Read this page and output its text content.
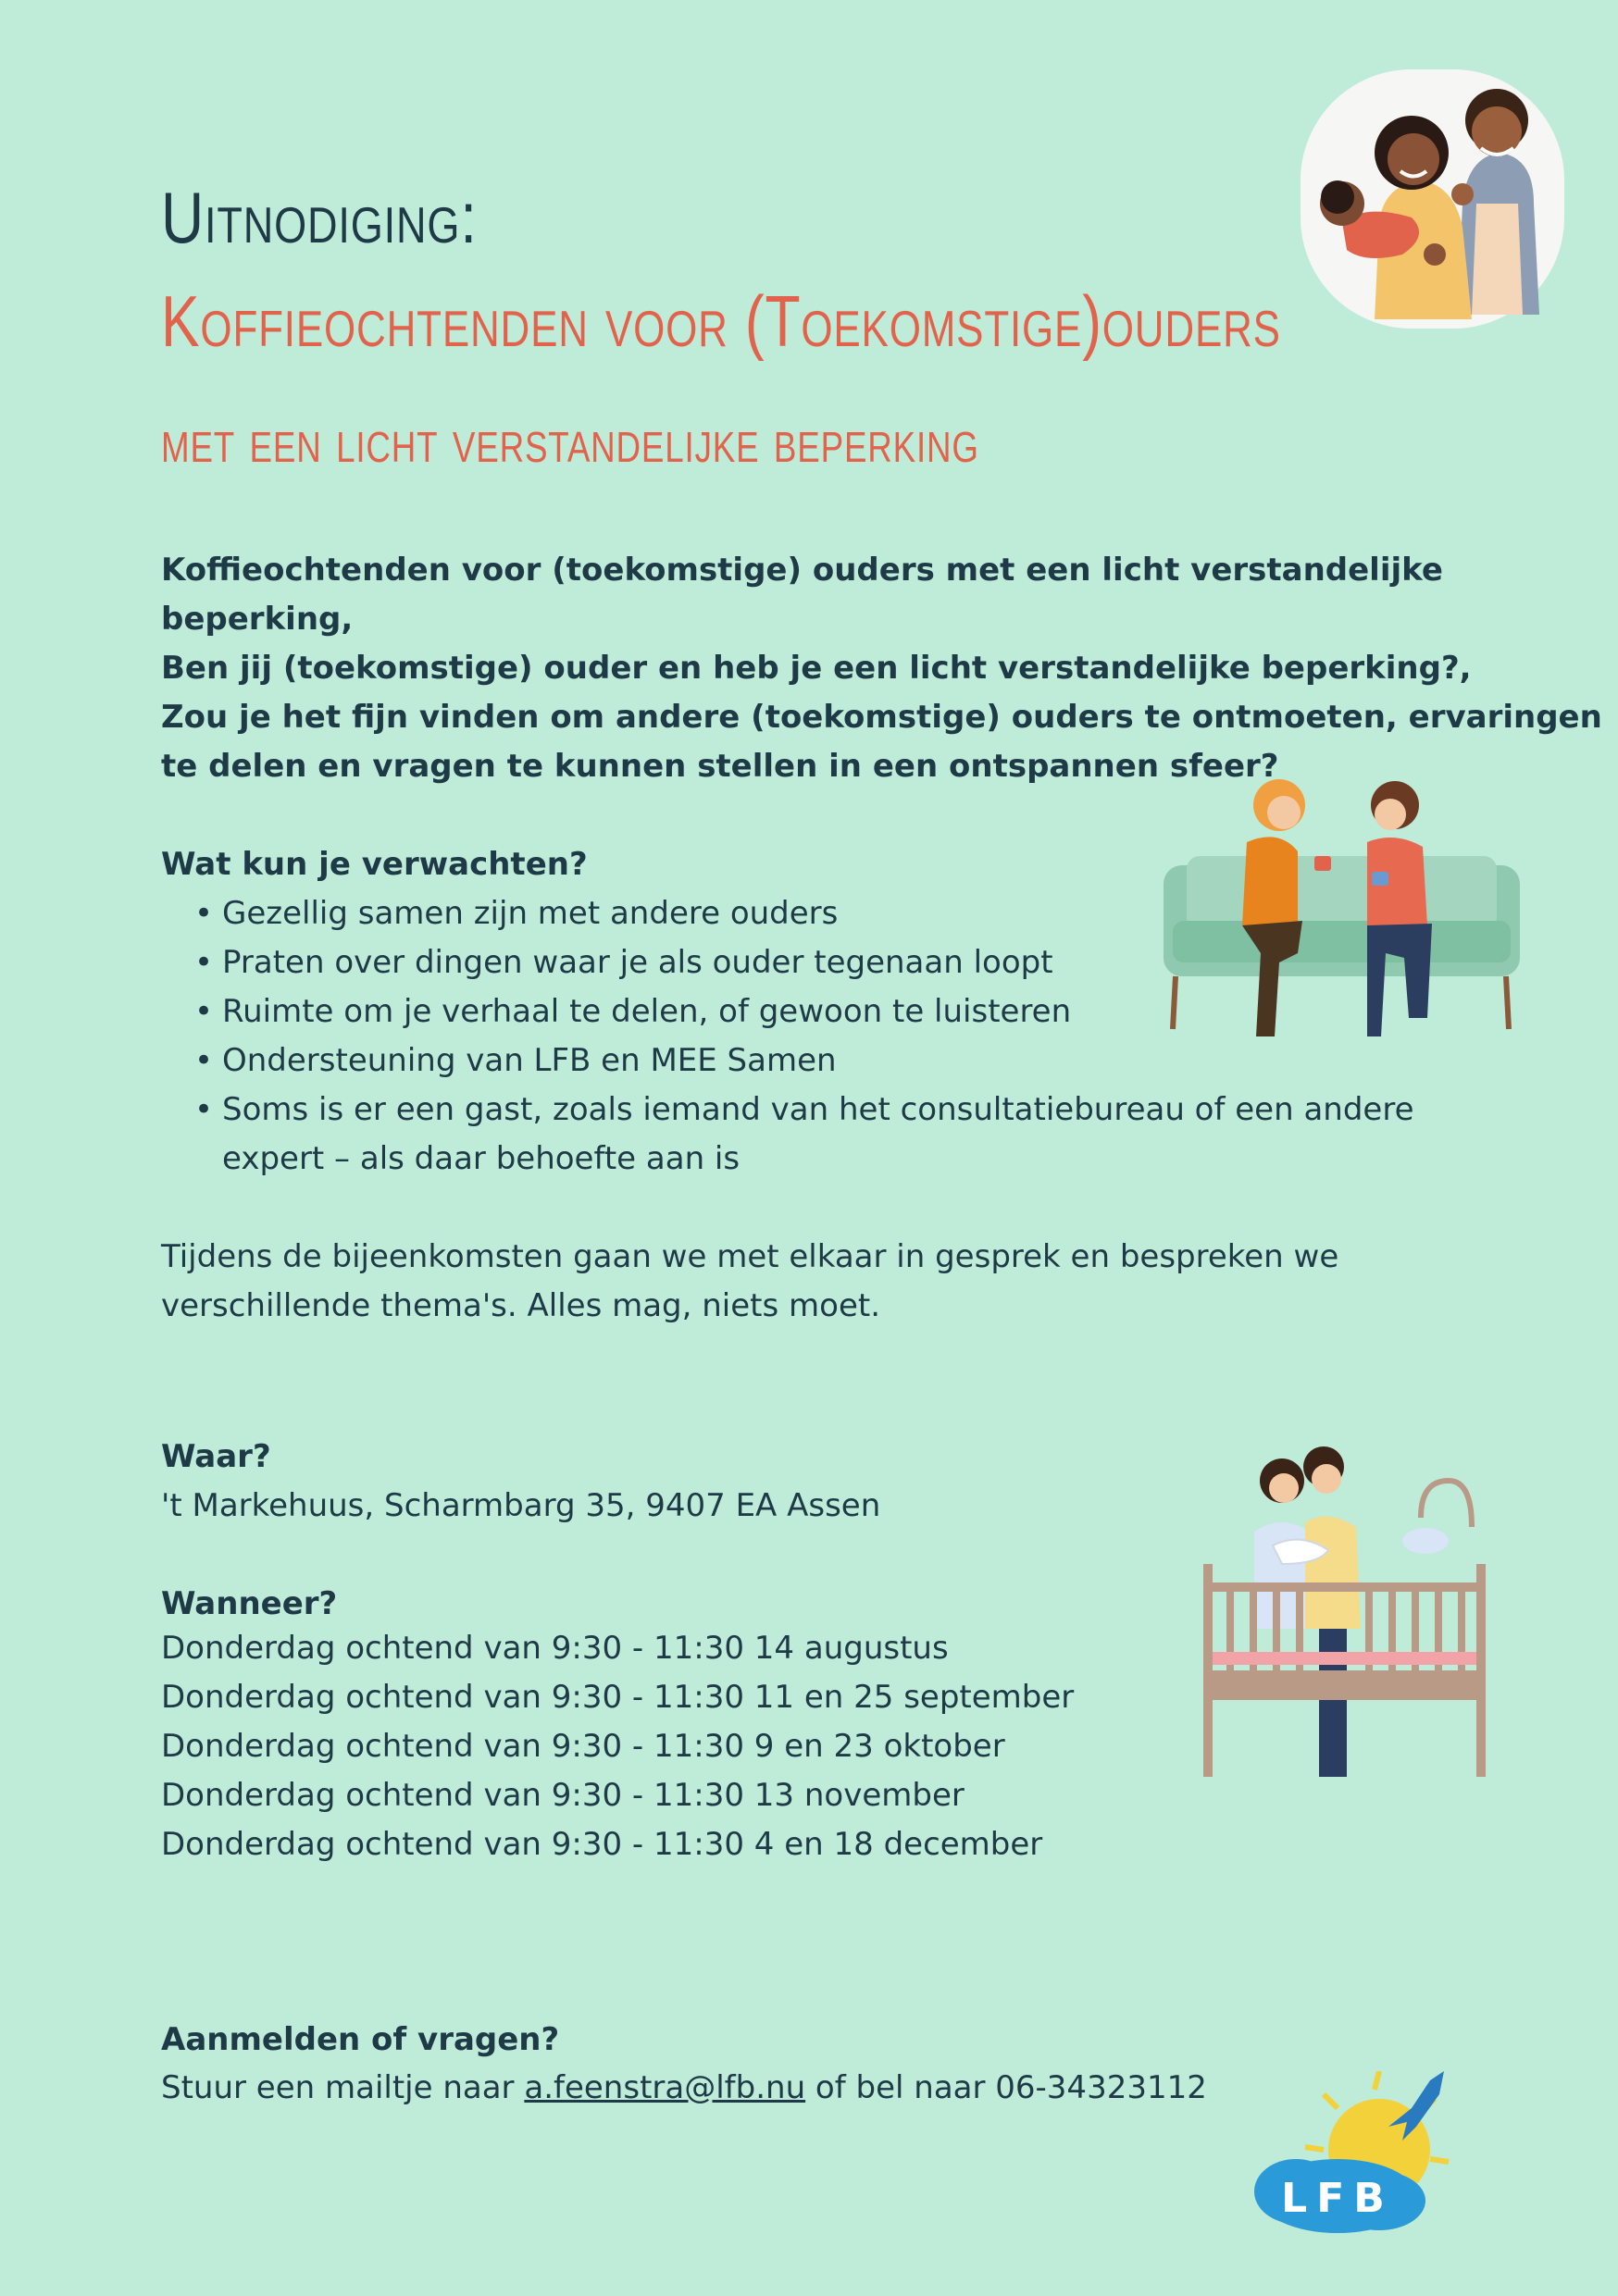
Uitnodiging:
Koffieochtenden voor (Toekomstige)ouders
met een licht verstandelijke beperking
Koffieochtenden voor (toekomstige) ouders met een licht verstandelijke
beperking,
Ben jij (toekomstige) ouder en heb je een licht verstandelijke beperking?,
Zou je het fijn vinden om andere (toekomstige) ouders te ontmoeten, ervaringen
te delen en vragen te kunnen stellen in een ontspannen sfeer?
Wat kun je verwachten?
• Gezellig samen zijn met andere ouders
• Praten over dingen waar je als ouder tegenaan loopt
• Ruimte om je verhaal te delen, of gewoon te luisteren
• Ondersteuning van LFB en MEE Samen
• Soms is er een gast, zoals iemand van het consultatiebureau of een andere
expert – als daar behoefte aan is
Tijdens de bijeenkomsten gaan we met elkaar in gesprek en bespreken we
verschillende thema's. Alles mag, niets moet.
Waar?
't Markehuus, Scharmbarg 35, 9407 EA Assen
Wanneer?
Donderdag ochtend van 9:30 - 11:30 14 augustus
Donderdag ochtend van 9:30 - 11:30 11 en 25 september
Donderdag ochtend van 9:30 - 11:30 9 en 23 oktober
Donderdag ochtend van 9:30 - 11:30 13 november
Donderdag ochtend van 9:30 - 11:30 4 en 18 december
Aanmelden of vragen?
Stuur een mailtje naar a.feenstra@lfb.nu of bel naar 06-34323112
LFB
